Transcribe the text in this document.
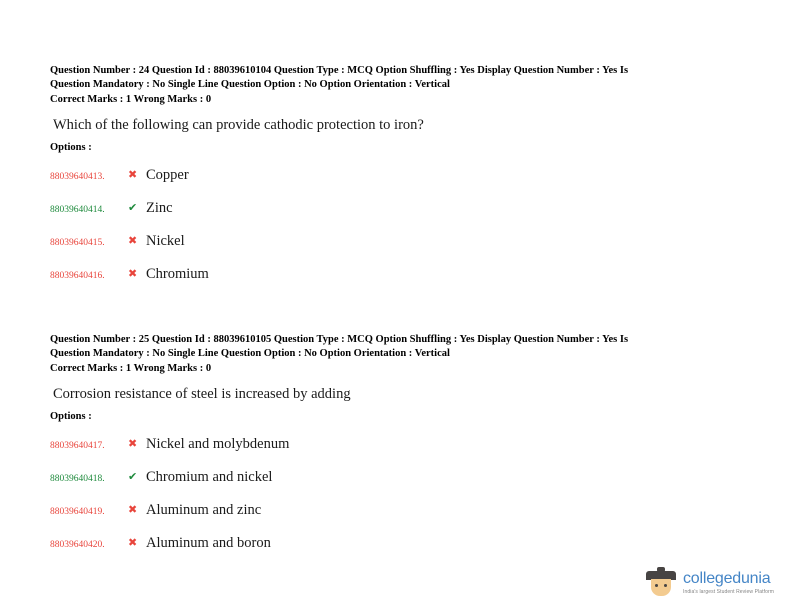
Question Number : 24 Question Id : 88039610104 Question Type : MCQ Option Shuffling : Yes Display Question Number : Yes Is
Question Mandatory : No Single Line Question Option : No Option Orientation : Vertical
Correct Marks : 1 Wrong Marks : 0
Which of the following can provide cathodic protection to iron?
Options :
88039640413.	✖ Copper
88039640414.	✔ Zinc
88039640415.	✖ Nickel
88039640416.	✖ Chromium
Question Number : 25 Question Id : 88039610105 Question Type : MCQ Option Shuffling : Yes Display Question Number : Yes Is
Question Mandatory : No Single Line Question Option : No Option Orientation : Vertical
Correct Marks : 1 Wrong Marks : 0
Corrosion resistance of steel is increased by adding
Options :
88039640417.	✖ Nickel and molybdenum
88039640418.	✔ Chromium and nickel
88039640419.	✖ Aluminum and zinc
88039640420.	✖ Aluminum and boron
collegedunia
India's largest Student Review Platform
